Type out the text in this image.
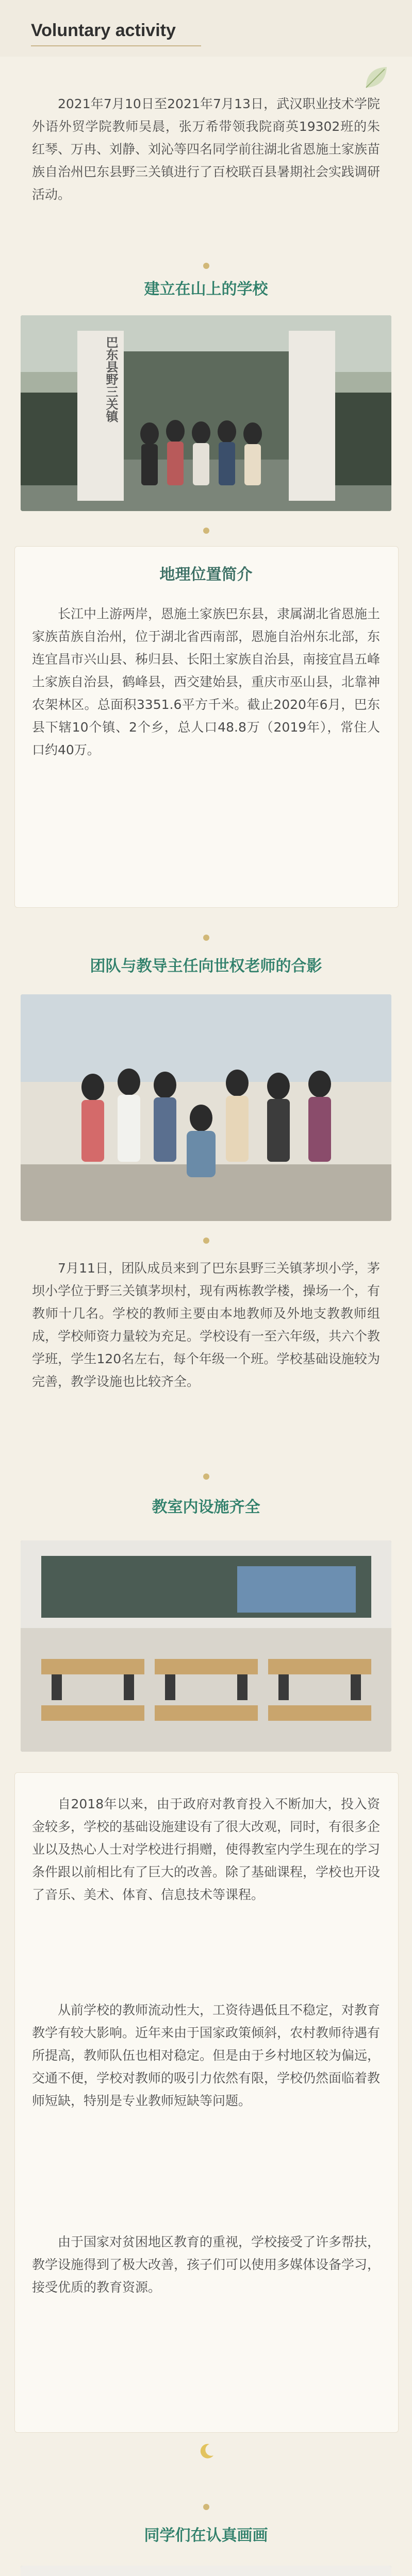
Voluntary activity

2021年7月10日至2021年7月13日，武汉职业技术学院外语外贸学院教师吴晨，张万希带领我院商英19302班的朱红琴、万冉、刘静、刘沁等四名同学前往湖北省恩施土家族苗族自治州巴东县野三关镇进行了百校联百县暑期社会实践调研活动。

建立在山上的学校
巴东县野三关镇
地理位置简介

长江中上游两岸，恩施土家族巴东县，隶属湖北省恩施土家族苗族自治州，位于湖北省西南部，恩施自治州东北部，东连宜昌市兴山县、秭归县、长阳土家族自治县，南接宜昌五峰土家族自治县，鹤峰县，西交建始县，重庆市巫山县，北靠神农架林区。总面积3351.6平方千米。截止2020年6月，巴东县下辖10个镇、2个乡，总人口48.8万（2019年），常住人口约40万。

团队与教导主任向世权老师的合影

7月11日，团队成员来到了巴东县野三关镇茅坝小学，茅坝小学位于野三关镇茅坝村，现有两栋教学楼，操场一个，有教师十几名。学校的教师主要由本地教师及外地支教教师组成，学校师资力量较为充足。学校设有一至六年级，共六个教学班，学生120名左右，每个年级一个班。学校基础设施较为完善，教学设施也比较齐全。

教室内设施齐全

自2018年以来，由于政府对教育投入不断加大，投入资金较多，学校的基础设施建设有了很大改观，同时，有很多企业以及热心人士对学校进行捐赠，使得教室内学生现在的学习条件跟以前相比有了巨大的改善。除了基础课程，学校也开设了音乐、美术、体育、信息技术等课程。

从前学校的教师流动性大，工资待遇低且不稳定，对教育教学有较大影响。近年来由于国家政策倾斜，农村教师待遇有所提高，教师队伍也相对稳定。但是由于乡村地区较为偏远，交通不便，学校对教师的吸引力依然有限，学校仍然面临着教师短缺，特别是专业教师短缺等问题。

由于国家对贫困地区教育的重视，学校接受了许多帮扶，教学设施得到了极大改善，孩子们可以使用多媒体设备学习，接受优质的教育资源。

同学们在认真画画
